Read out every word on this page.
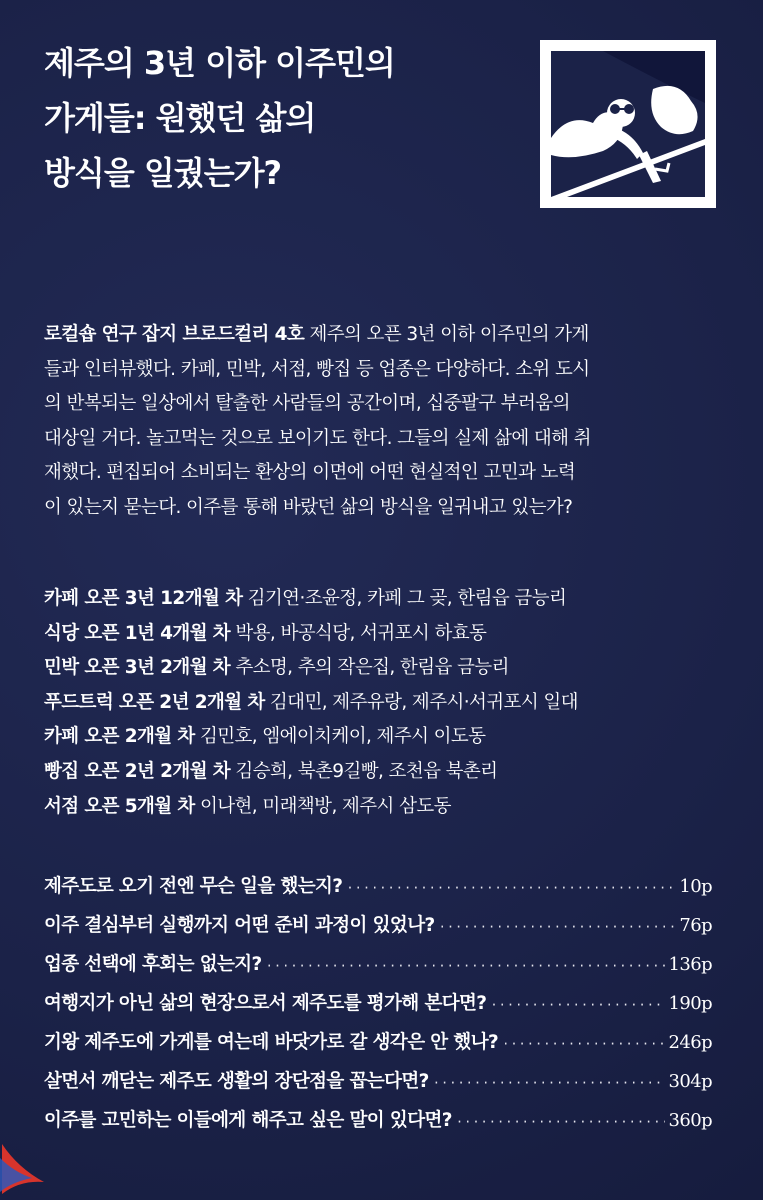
제주의 3년 이하 이주민의
가게들: 원했던 삶의
방식을 일궜는가?
로컬숍 연구 잡지 브로드컬리 4호 제주의 오픈 3년 이하 이주민의 가게
들과 인터뷰했다. 카페, 민박, 서점, 빵집 등 업종은 다양하다. 소위 도시
의 반복되는 일상에서 탈출한 사람들의 공간이며, 십중팔구 부러움의
대상일 거다. 놀고먹는 것으로 보이기도 한다. 그들의 실제 삶에 대해 취
재했다. 편집되어 소비되는 환상의 이면에 어떤 현실적인 고민과 노력
이 있는지 묻는다. 이주를 통해 바랐던 삶의 방식을 일궈내고 있는가?
카페 오픈 3년 12개월 차 김기연·조윤정, 카페 그 곶, 한림읍 금능리
식당 오픈 1년 4개월 차 박용, 바공식당, 서귀포시 하효동
민박 오픈 3년 2개월 차 추소명, 추의 작은집, 한림읍 금능리
푸드트럭 오픈 2년 2개월 차 김대민, 제주유랑, 제주시·서귀포시 일대
카페 오픈 2개월 차 김민호, 엠에이치케이, 제주시 이도동
빵집 오픈 2년 2개월 차 김승희, 북촌9길빵, 조천읍 북촌리
서점 오픈 5개월 차 이나현, 미래책방, 제주시 삼도동
제주도로 오기 전엔 무슨 일을 했는지? ·····	10p
이주 결심부터 실행까지 어떤 준비 과정이 있었나? ·····	76p
업종 선택에 후회는 없는지? ·····	136p
여행지가 아닌 삶의 현장으로서 제주도를 평가해 본다면? ·····	190p
기왕 제주도에 가게를 여는데 바닷가로 갈 생각은 안 했나? ·····	246p
살면서 깨닫는 제주도 생활의 장단점을 꼽는다면? ·····	304p
이주를 고민하는 이들에게 해주고 싶은 말이 있다면? ·····	360p
